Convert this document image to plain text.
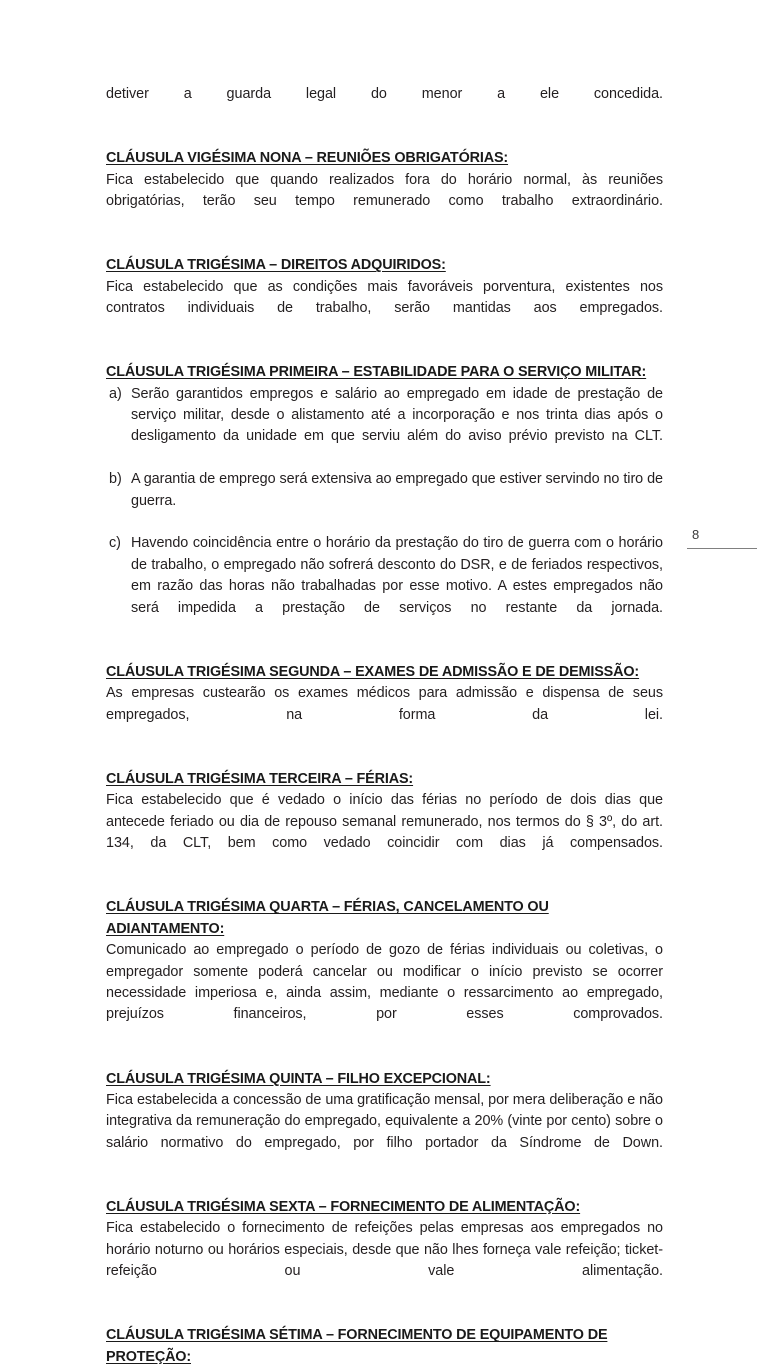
detiver a guarda legal do menor a ele concedida.

CLÁUSULA VIGÉSIMA NONA – REUNIÕES OBRIGATÓRIAS:

Fica estabelecido que quando realizados fora do horário normal, às reuniões obrigatórias, terão seu tempo remunerado como trabalho extraordinário.

CLÁUSULA TRIGÉSIMA – DIREITOS ADQUIRIDOS:

Fica estabelecido que as condições mais favoráveis porventura, existentes nos contratos individuais de trabalho, serão mantidas aos empregados.

CLÁUSULA TRIGÉSIMA PRIMEIRA – ESTABILIDADE PARA O SERVIÇO MILITAR:
a) Serão garantidos empregos e salário ao empregado em idade de prestação de serviço militar, desde o alistamento até a incorporação e nos trinta dias após o desligamento da unidade em que serviu além do aviso prévio previsto na CLT.
b) A garantia de emprego será extensiva ao empregado que estiver servindo no tiro de guerra.
c) Havendo coincidência entre o horário da prestação do tiro de guerra com o horário de trabalho, o empregado não sofrerá desconto do DSR, e de feriados respectivos, em razão das horas não trabalhadas por esse motivo. A estes empregados não será impedida a prestação de serviços no restante da jornada.
CLÁUSULA TRIGÉSIMA SEGUNDA – EXAMES DE ADMISSÃO E DE DEMISSÃO:

As empresas custearão os exames médicos para admissão e dispensa de seus empregados, na forma da lei.

CLÁUSULA TRIGÉSIMA TERCEIRA – FÉRIAS:

Fica estabelecido que é vedado o início das férias no período de dois dias que antecede feriado ou dia de repouso semanal remunerado, nos termos do § 3º, do art. 134, da CLT, bem como vedado coincidir com dias já compensados.

CLÁUSULA TRIGÉSIMA QUARTA – FÉRIAS, CANCELAMENTO OU ADIANTAMENTO:

Comunicado ao empregado o período de gozo de férias individuais ou coletivas, o empregador somente poderá cancelar ou modificar o início previsto se ocorrer necessidade imperiosa e, ainda assim, mediante o ressarcimento ao empregado, prejuízos financeiros, por esses comprovados.

CLÁUSULA TRIGÉSIMA QUINTA – FILHO EXCEPCIONAL:

Fica estabelecida a concessão de uma gratificação mensal, por mera deliberação e não integrativa da remuneração do empregado, equivalente a 20% (vinte por cento) sobre o salário normativo do empregado, por filho portador da Síndrome de Down.

CLÁUSULA TRIGÉSIMA SEXTA – FORNECIMENTO DE ALIMENTAÇÃO:

Fica estabelecido o fornecimento de refeições pelas empresas aos empregados no horário noturno ou horários especiais, desde que não lhes forneça vale refeição; ticket-refeição ou vale alimentação.

CLÁUSULA TRIGÉSIMA SÉTIMA – FORNECIMENTO DE EQUIPAMENTO DE PROTEÇÃO:
8
